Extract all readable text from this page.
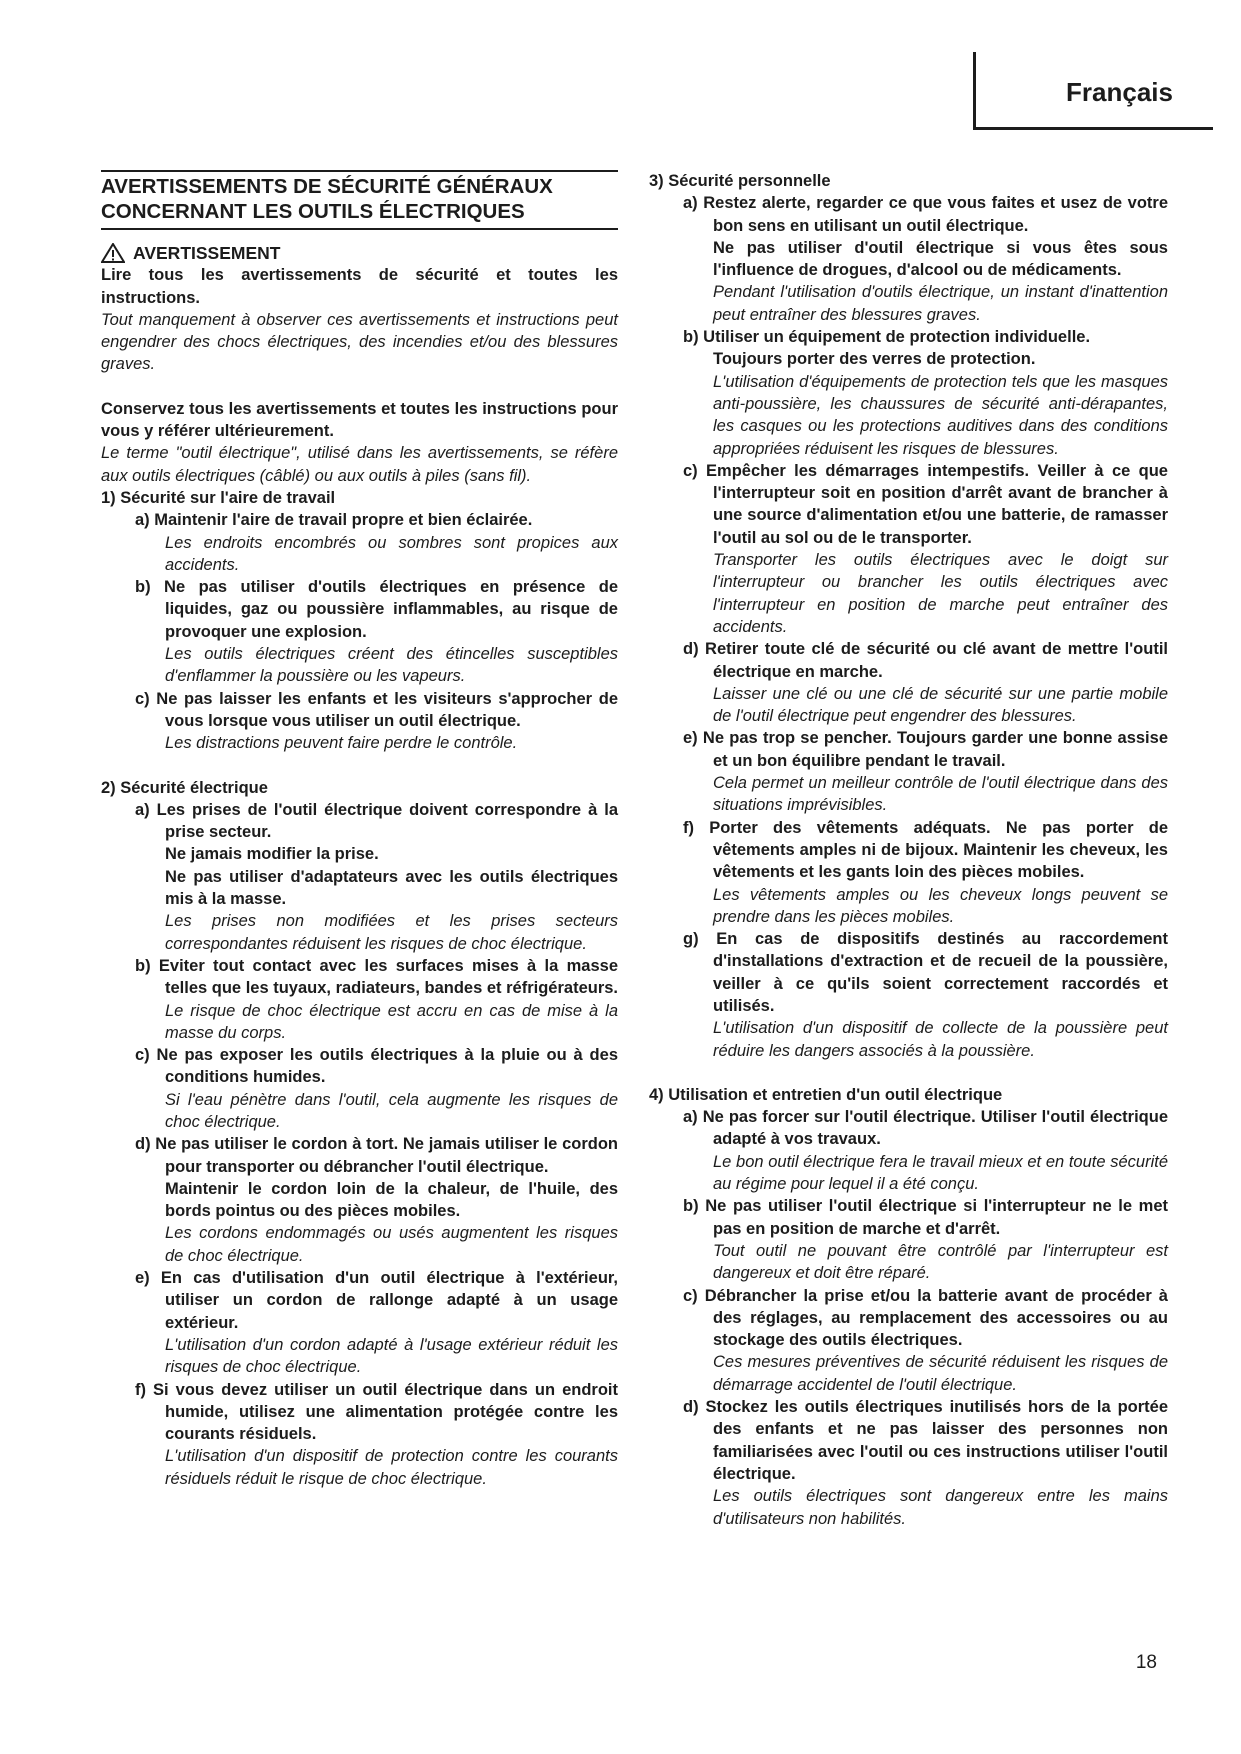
Français
AVERTISSEMENTS DE SÉCURITÉ GÉNÉRAUX
CONCERNANT LES OUTILS ÉLECTRIQUES
AVERTISSEMENT

Lire tous les avertissements de sécurité et toutes les instructions.

Tout manquement à observer ces avertissements et instructions peut engendrer des chocs électriques, des incendies et/ou des blessures graves.

Conservez tous les avertissements et toutes les instructions pour vous y référer ultérieurement.

Le terme "outil électrique", utilisé dans les avertissements, se réfère aux outils électriques (câblé) ou aux outils à piles (sans fil).

1) Sécurité sur l'aire de travail

a) Maintenir l'aire de travail propre et bien éclairée.

Les endroits encombrés ou sombres sont propices aux accidents.

b) Ne pas utiliser d'outils électriques en présence de liquides, gaz ou poussière inflammables, au risque de provoquer une explosion.

Les outils électriques créent des étincelles susceptibles d'enflammer la poussière ou les vapeurs.

c) Ne pas laisser les enfants et les visiteurs s'approcher de vous lorsque vous utiliser un outil électrique.

Les distractions peuvent faire perdre le contrôle.

2) Sécurité électrique

a) Les prises de l'outil électrique doivent correspondre à la prise secteur.

Ne jamais modifier la prise.

Ne pas utiliser d'adaptateurs avec les outils électriques mis à la masse.

Les prises non modifiées et les prises secteurs correspondantes réduisent les risques de choc électrique.

b) Eviter tout contact avec les surfaces mises à la masse telles que les tuyaux, radiateurs, bandes et réfrigérateurs.

Le risque de choc électrique est accru en cas de mise à la masse du corps.

c) Ne pas exposer les outils électriques à la pluie ou à des conditions humides.

Si l'eau pénètre dans l'outil, cela augmente les risques de choc électrique.

d) Ne pas utiliser le cordon à tort. Ne jamais utiliser le cordon pour transporter ou débrancher l'outil électrique.

Maintenir le cordon loin de la chaleur, de l'huile, des bords pointus ou des pièces mobiles.

Les cordons endommagés ou usés augmentent les risques de choc électrique.

e) En cas d'utilisation d'un outil électrique à l'extérieur, utiliser un cordon de rallonge adapté à un usage extérieur.

L'utilisation d'un cordon adapté à l'usage extérieur réduit les risques de choc électrique.

f) Si vous devez utiliser un outil électrique dans un endroit humide, utilisez une alimentation protégée contre les courants résiduels.

L'utilisation d'un dispositif de protection contre les courants résiduels réduit le risque de choc électrique.

3) Sécurité personnelle

a) Restez alerte, regarder ce que vous faites et usez de votre bon sens en utilisant un outil électrique.

Ne pas utiliser d'outil électrique si vous êtes sous l'influence de drogues, d'alcool ou de médicaments.

Pendant l'utilisation d'outils électrique, un instant d'inattention peut entraîner des blessures graves.

b) Utiliser un équipement de protection individuelle.

Toujours porter des verres de protection.

L'utilisation d'équipements de protection tels que les masques anti-poussière, les chaussures de sécurité anti-dérapantes, les casques ou les protections auditives dans des conditions appropriées réduisent les risques de blessures.

c) Empêcher les démarrages intempestifs. Veiller à ce que l'interrupteur soit en position d'arrêt avant de brancher à une source d'alimentation et/ou une batterie, de ramasser l'outil au sol ou de le transporter.

Transporter les outils électriques avec le doigt sur l'interrupteur ou brancher les outils électriques avec l'interrupteur en position de marche peut entraîner des accidents.

d) Retirer toute clé de sécurité ou clé avant de mettre l'outil électrique en marche.

Laisser une clé ou une clé de sécurité sur une partie mobile de l'outil électrique peut engendrer des blessures.

e) Ne pas trop se pencher. Toujours garder une bonne assise et un bon équilibre pendant le travail.

Cela permet un meilleur contrôle de l'outil électrique dans des situations imprévisibles.

f) Porter des vêtements adéquats. Ne pas porter de vêtements amples ni de bijoux. Maintenir les cheveux, les vêtements et les gants loin des pièces mobiles.

Les vêtements amples ou les cheveux longs peuvent se prendre dans les pièces mobiles.

g) En cas de dispositifs destinés au raccordement d'installations d'extraction et de recueil de la poussière, veiller à ce qu'ils soient correctement raccordés et utilisés.

L'utilisation d'un dispositif de collecte de la poussière peut réduire les dangers associés à la poussière.

4) Utilisation et entretien d'un outil électrique

a) Ne pas forcer sur l'outil électrique. Utiliser l'outil électrique adapté à vos travaux.

Le bon outil électrique fera le travail mieux et en toute sécurité au régime pour lequel il a été conçu.

b) Ne pas utiliser l'outil électrique si l'interrupteur ne le met pas en position de marche et d'arrêt.

Tout outil ne pouvant être contrôlé par l'interrupteur est dangereux et doit être réparé.

c) Débrancher la prise et/ou la batterie avant de procéder à des réglages, au remplacement des accessoires ou au stockage des outils électriques.

Ces mesures préventives de sécurité réduisent les risques de démarrage accidentel de l'outil électrique.

d) Stockez les outils électriques inutilisés hors de la portée des enfants et ne pas laisser des personnes non familiarisées avec l'outil ou ces instructions utiliser l'outil électrique.

Les outils électriques sont dangereux entre les mains d'utilisateurs non habilités.

18
